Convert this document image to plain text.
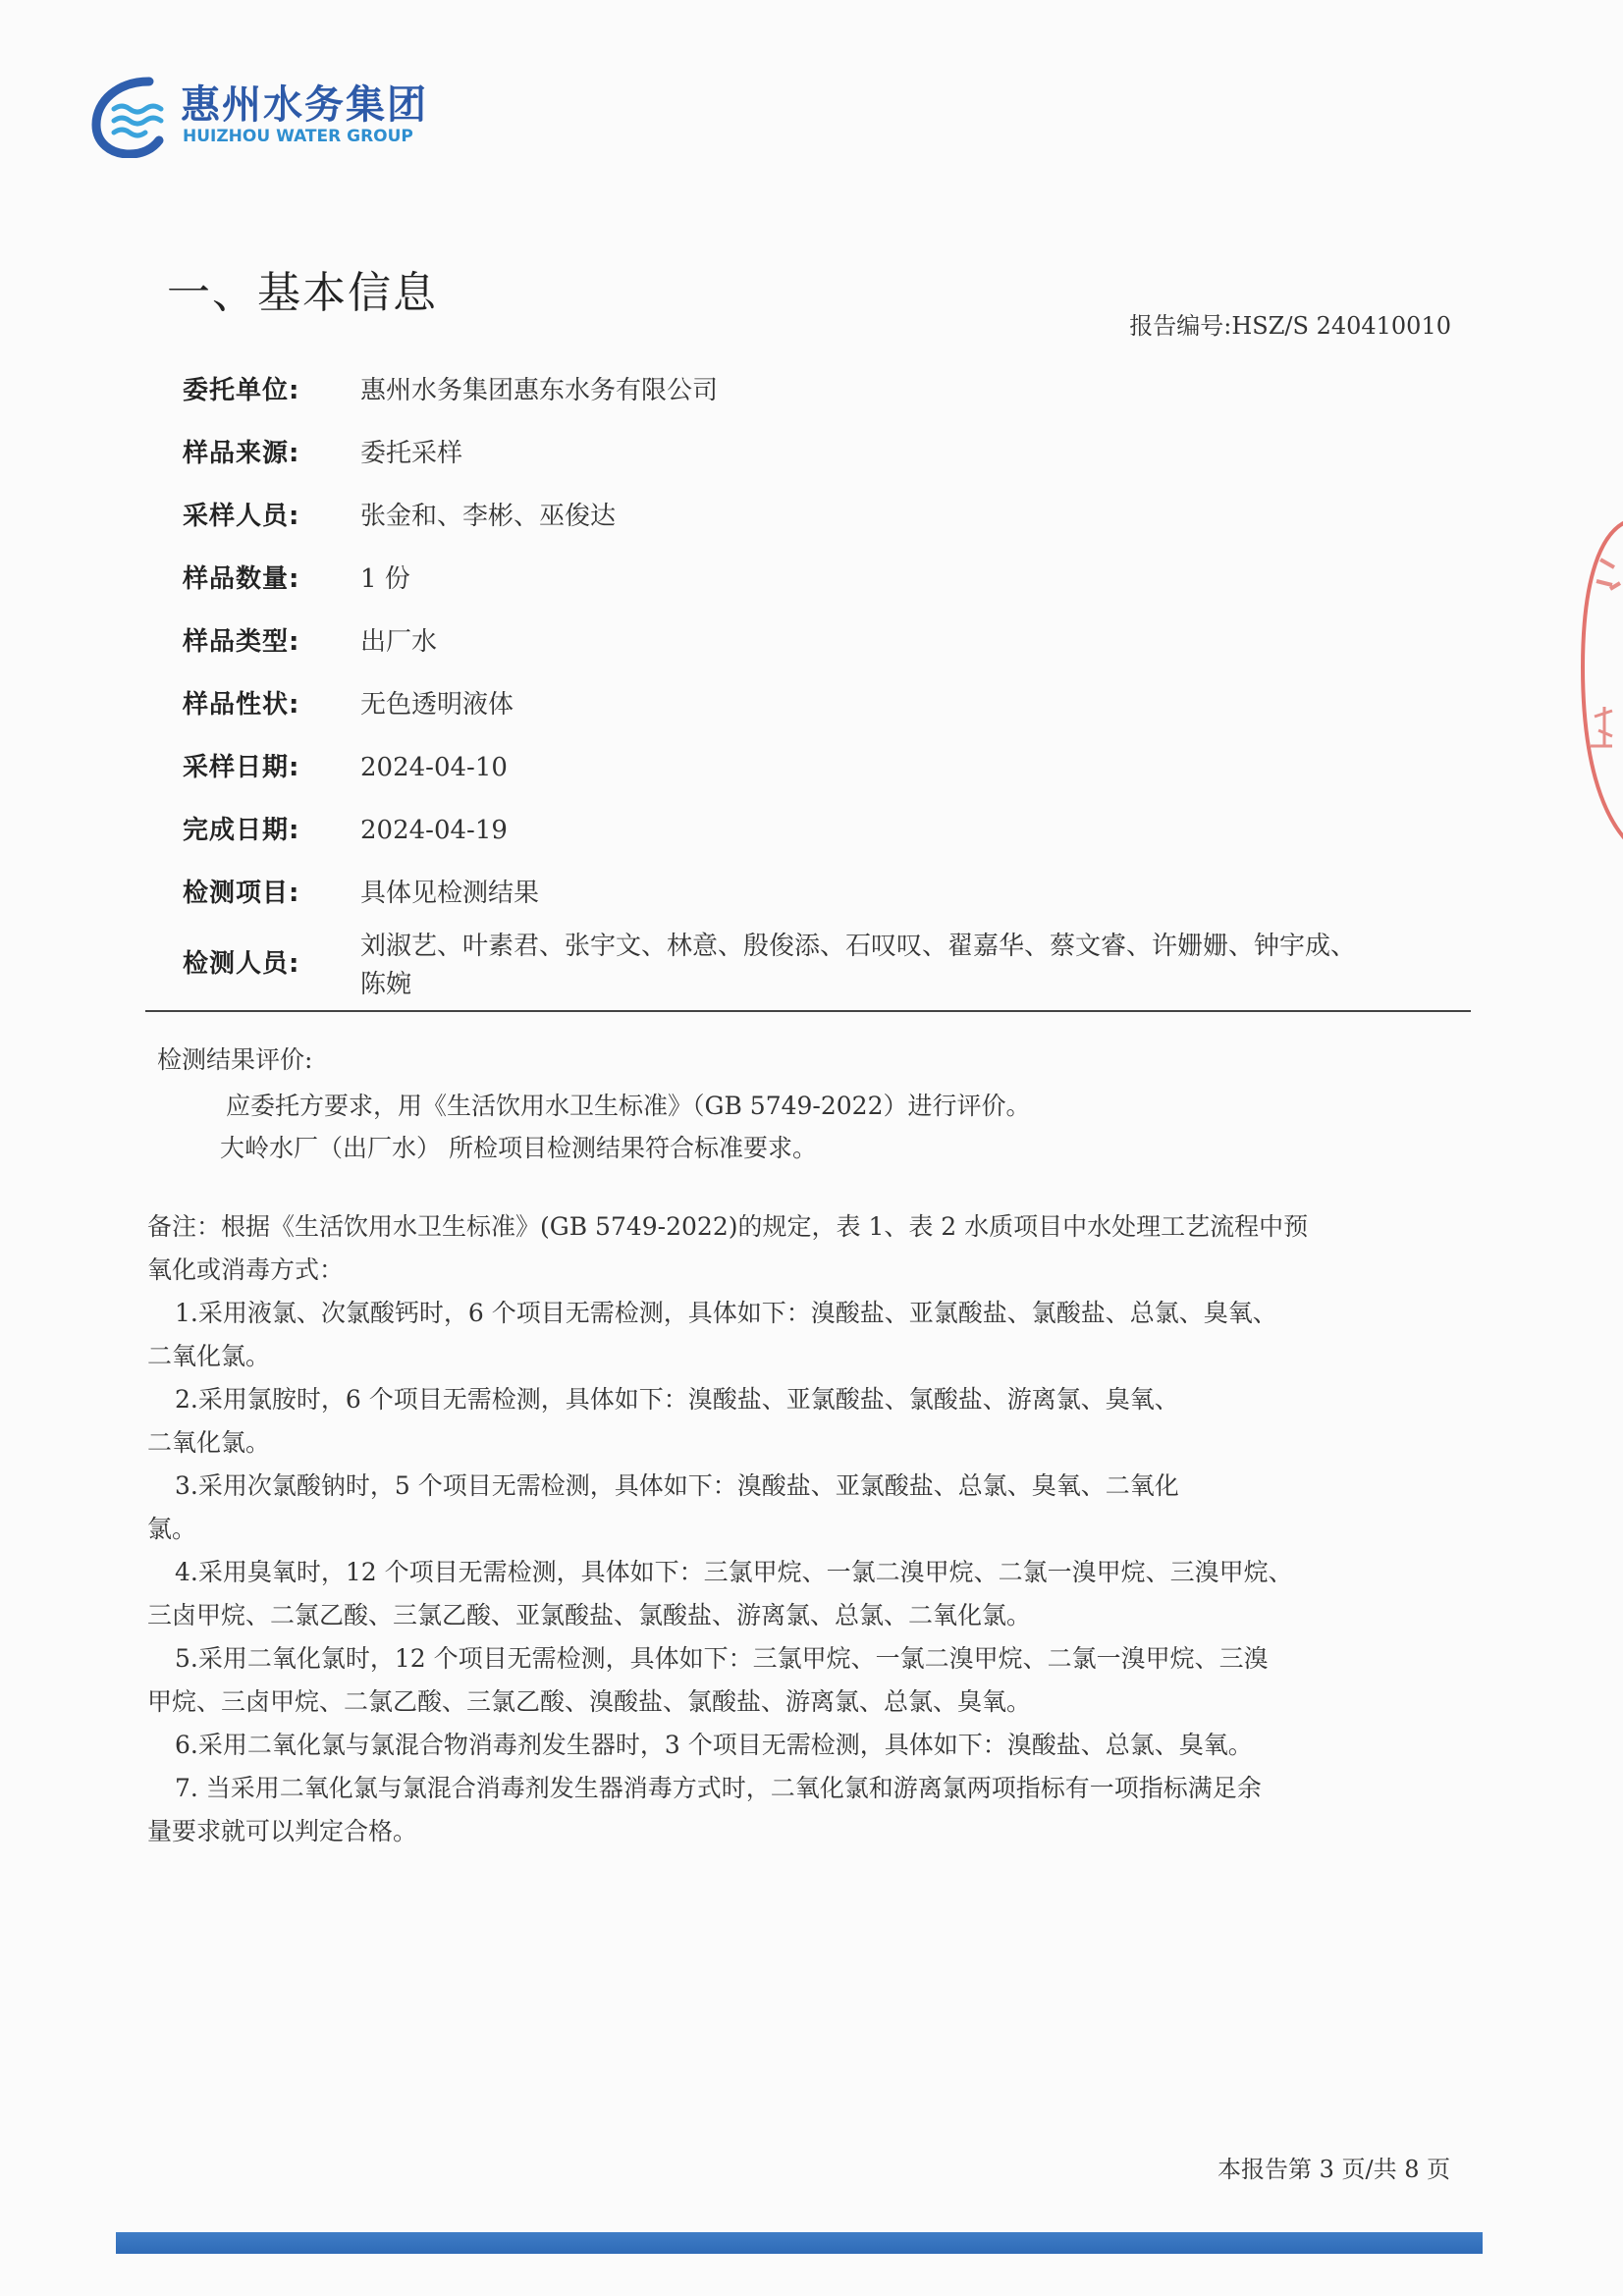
惠州水务集团
HUIZHOU WATER GROUP
报告编号:HSZ/S 240410010
一、基本信息
委托单位: 惠州水务集团惠东水务有限公司
样品来源: 委托采样
采样人员: 张金和、李彬、巫俊达
样品数量: 1 份
样品类型: 出厂水
样品性状: 无色透明液体
采样日期: 2024-04-10
完成日期: 2024-04-19
检测项目: 具体见检测结果
检测人员:
刘淑艺、叶素君、张宇文、林意、殷俊添、石叹叹、翟嘉华、蔡文睿、许姗姗、钟宇成、
陈婉
检测结果评价:
应委托方要求，用《生活饮用水卫生标准》（GB 5749-2022）进行评价。
大岭水厂（出厂水） 所检项目检测结果符合标准要求。
备注：根据《生活饮用水卫生标准》(GB 5749-2022)的规定，表 1、表 2 水质项目中水处理工艺流程中预
氧化或消毒方式：
1.采用液氯、次氯酸钙时，6 个项目无需检测，具体如下：溴酸盐、亚氯酸盐、氯酸盐、总氯、臭氧、
二氧化氯。
2.采用氯胺时，6 个项目无需检测，具体如下：溴酸盐、亚氯酸盐、氯酸盐、游离氯、臭氧、
二氧化氯。
3.采用次氯酸钠时，5 个项目无需检测，具体如下：溴酸盐、亚氯酸盐、总氯、臭氧、二氧化
氯。
4.采用臭氧时，12 个项目无需检测，具体如下：三氯甲烷、一氯二溴甲烷、二氯一溴甲烷、三溴甲烷、
三卤甲烷、二氯乙酸、三氯乙酸、亚氯酸盐、氯酸盐、游离氯、总氯、二氧化氯。
5.采用二氧化氯时，12 个项目无需检测，具体如下：三氯甲烷、一氯二溴甲烷、二氯一溴甲烷、三溴
甲烷、三卤甲烷、二氯乙酸、三氯乙酸、溴酸盐、氯酸盐、游离氯、总氯、臭氧。
6.采用二氧化氯与氯混合物消毒剂发生器时，3 个项目无需检测，具体如下：溴酸盐、总氯、臭氧。
7. 当采用二氧化氯与氯混合消毒剂发生器消毒方式时，二氧化氯和游离氯两项指标有一项指标满足余
量要求就可以判定合格。
本报告第 3 页/共 8 页
